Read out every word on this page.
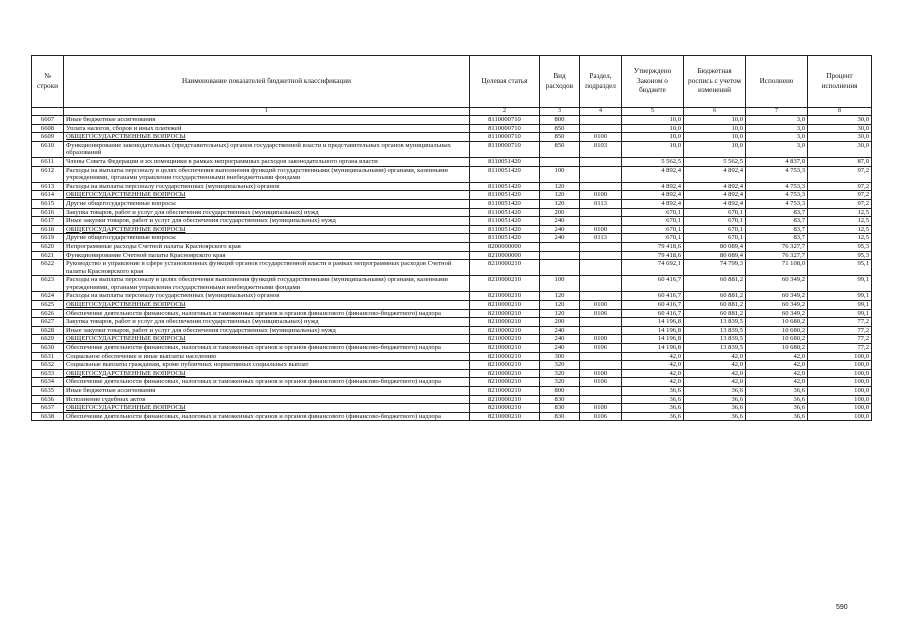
№ строки	Наименование показателей бюджетной классификации	Целевая статья	Вид расходов	Раздел, подраздел	Утверждено Законом о бюджете	Бюджетная роспись с учетом изменений	Исполнено	Процент исполнения
	1	2	3	4	5	6	7	8
6607	Иные бюджетные ассигнования	8110000710	800		10,0	10,0	3,0	30,0
6608	Уплата налогов, сборов и иных платежей	8110000710	850		10,0	10,0	3,0	30,0
6609	ОБЩЕГОСУДАРСТВЕННЫЕ ВОПРОСЫ	8110000710	850	0100	10,0	10,0	3,0	30,0
6610	Функционирование законодательных (представительных) органов государственной власти и представительных органов муниципальных образований	8110000710	850	0103	10,0	10,0	3,0	30,0
6611	Члены Совета Федерации и их помощники в рамках непрограммных расходов законодательного органа власти	8110051420			5 562,5	5 562,5	4 837,0	87,0
6612	Расходы на выплаты персоналу в целях обеспечения выполнения функций государственными (муниципальными) органами, казенными учреждениями, органами управления государственными внебюджетными фондами	8110051420	100		4 892,4	4 892,4	4 753,3	97,2
6613	Расходы на выплаты персоналу государственных (муниципальных) органов	8110051420	120		4 892,4	4 892,4	4 753,3	97,2
6614	ОБЩЕГОСУДАРСТВЕННЫЕ ВОПРОСЫ	8110051420	120	0100	4 892,4	4 892,4	4 753,3	97,2
6615	Другие общегосударственные вопросы	8110051420	120	0113	4 892,4	4 892,4	4 753,3	97,2
6616	Закупка товаров, работ и услуг для обеспечения государственных (муниципальных) нужд	8110051420	200		670,1	670,1	83,7	12,5
6617	Иные закупки товаров, работ и услуг для обеспечения государственных (муниципальных) нужд	8110051420	240		670,1	670,1	83,7	12,5
6618	ОБЩЕГОСУДАРСТВЕННЫЕ ВОПРОСЫ	8110051420	240	0100	670,1	670,1	83,7	12,5
6619	Другие общегосударственные вопросы	8110051420	240	0113	670,1	670,1	83,7	12,5
6620	Непрограммные расходы Счетной палаты Красноярского края	8200000000			79 418,6	80 089,4	76 327,7	95,3
6621	Функционирование Счетной палаты Красноярского края	8210000000			79 418,6	80 089,4	76 327,7	95,3
6622	Руководство и управление в сфере установленных функций органов государственной власти в рамках непрограммных расходов Счетной палаты Красноярского края	8210000210			74 692,1	74 799,3	71 108,0	95,1
6623	Расходы на выплаты персоналу в целях обеспечения выполнения функций государственными (муниципальными) органами, казенными учреждениями, органами управления государственными внебюджетными фондами	8210000210	100		60 416,7	60 881,2	60 349,2	99,1
6624	Расходы на выплаты персоналу государственных (муниципальных) органов	8210000210	120		60 416,7	60 881,2	60 349,2	99,1
6625	ОБЩЕГОСУДАРСТВЕННЫЕ ВОПРОСЫ	8210000210	120	0100	60 416,7	60 881,2	60 349,2	99,1
6626	Обеспечение деятельности финансовых, налоговых и таможенных органов и органов финансового (финансово-бюджетного) надзора	8210000210	120	0106	60 416,7	60 881,2	60 349,2	99,1
6627	Закупка товаров, работ и услуг для обеспечения государственных (муниципальных) нужд	8210000210	200		14 196,8	13 839,5	10 680,2	77,2
6628	Иные закупки товаров, работ и услуг для обеспечения государственных (муниципальных) нужд	8210000210	240		14 196,8	13 839,5	10 680,2	77,2
6629	ОБЩЕГОСУДАРСТВЕННЫЕ ВОПРОСЫ	8210000210	240	0100	14 196,8	13 839,5	10 680,2	77,2
6630	Обеспечение деятельности финансовых, налоговых и таможенных органов и органов финансового (финансово-бюджетного) надзора	8210000210	240	0106	14 196,8	13 839,5	10 680,2	77,2
6631	Социальное обеспечение и иные выплаты населению	8210000210	300		42,0	42,0	42,0	100,0
6632	Социальные выплаты гражданам, кроме публичных нормативных социальных выплат	8210000210	320		42,0	42,0	42,0	100,0
6633	ОБЩЕГОСУДАРСТВЕННЫЕ ВОПРОСЫ	8210000210	320	0100	42,0	42,0	42,0	100,0
6634	Обеспечение деятельности финансовых, налоговых и таможенных органов и органов финансового (финансово-бюджетного) надзора	8210000210	320	0106	42,0	42,0	42,0	100,0
6635	Иные бюджетные ассигнования	8210000210	800		36,6	36,6	36,6	100,0
6636	Исполнение судебных актов	8210000210	830		36,6	36,6	36,6	100,0
6637	ОБЩЕГОСУДАРСТВЕННЫЕ ВОПРОСЫ	8210000210	830	0100	36,6	36,6	36,6	100,0
6638	Обеспечение деятельности финансовых, налоговых и таможенных органов и органов финансового (финансово-бюджетного) надзора	8210000210	830	0106	36,6	36,6	36,6	100,0
590
